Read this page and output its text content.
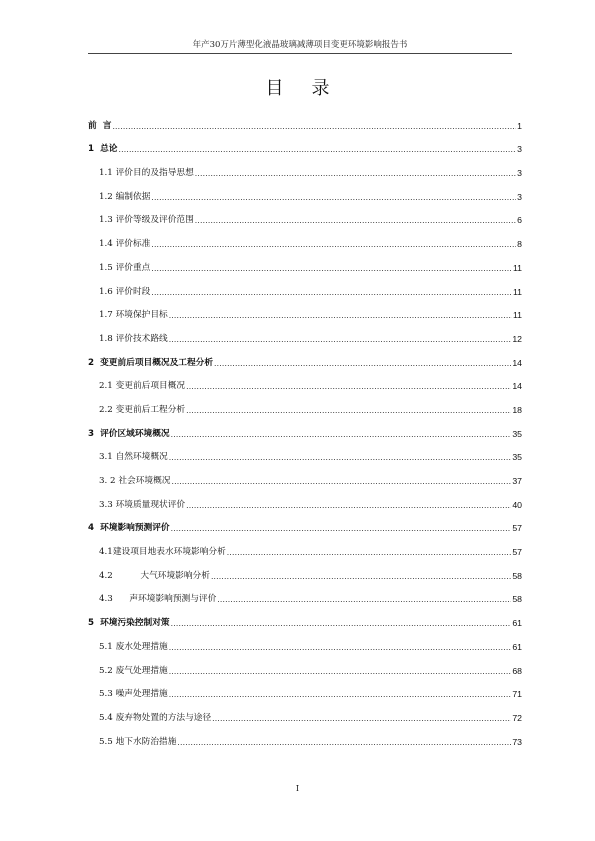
年产30万片薄型化液晶玻璃减薄项目变更环境影响报告书
目录
前  言 .....	1
1  总论 .....	3
1.1 评价目的及指导思想 .....	3
1.2 编制依据 .....	3
1.3 评价等级及评价范围 .....	6
1.4 评价标准 .....	8
1.5 评价重点 .....	11
1.6 评价时段 .....	11
1.7 环境保护目标 .....	11
1.8 评价技术路线 .....	12
2  变更前后项目概况及工程分析 .....	14
2.1 变更前后项目概况 .....	14
2.2 变更前后工程分析 .....	18
3  评价区域环境概况 .....	35
3.1 自然环境概况 .....	35
3. 2 社会环境概况 .....	37
3.3 环境质量现状评价 .....	40
4  环境影响预测评价 .....	57
4.1建设项目地表水环境影响分析 .....	57
4.2          大气环境影响分析 .....	58
4.3      声环境影响预测与评价 .....	58
5  环境污染控制对策 .....	61
5.1 废水处理措施 .....	61
5.2 废气处理措施 .....	68
5.3 噪声处理措施 .....	71
5.4 废弃物处置的方法与途径 .....	72
5.5 地下水防治措施 .....	73
I
